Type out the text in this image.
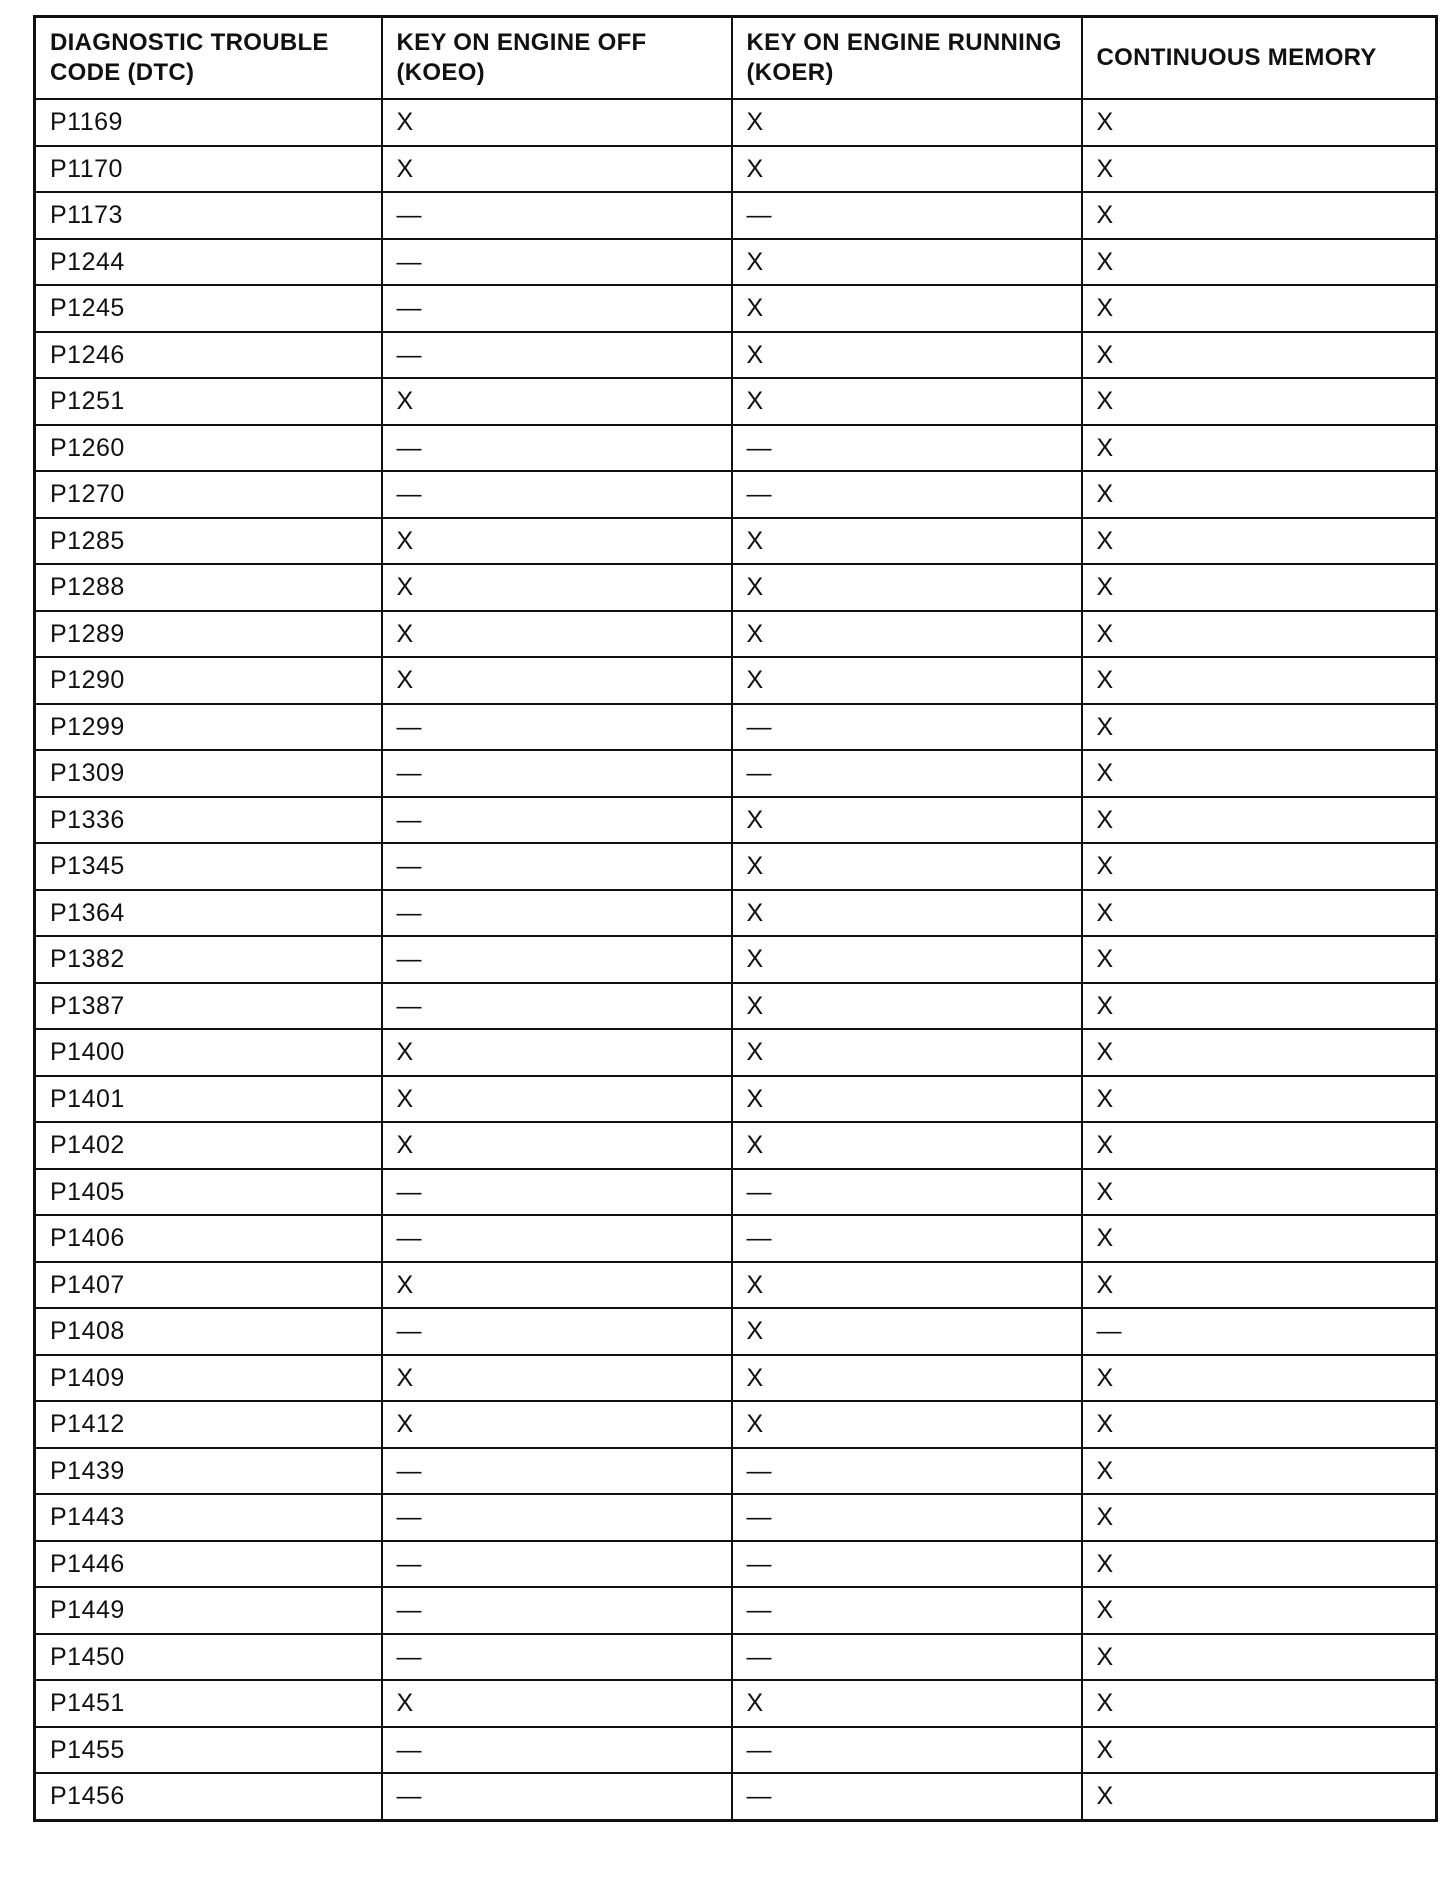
DIAGNOSTIC TROUBLE CODE (DTC)	KEY ON ENGINE OFF (KOEO)	KEY ON ENGINE RUNNING (KOER)	CONTINUOUS MEMORY
P1169	X	X	X
P1170	X	X	X
P1173	—	—	X
P1244	—	X	X
P1245	—	X	X
P1246	—	X	X
P1251	X	X	X
P1260	—	—	X
P1270	—	—	X
P1285	X	X	X
P1288	X	X	X
P1289	X	X	X
P1290	X	X	X
P1299	—	—	X
P1309	—	—	X
P1336	—	X	X
P1345	—	X	X
P1364	—	X	X
P1382	—	X	X
P1387	—	X	X
P1400	X	X	X
P1401	X	X	X
P1402	X	X	X
P1405	—	—	X
P1406	—	—	X
P1407	X	X	X
P1408	—	X	—
P1409	X	X	X
P1412	X	X	X
P1439	—	—	X
P1443	—	—	X
P1446	—	—	X
P1449	—	—	X
P1450	—	—	X
P1451	X	X	X
P1455	—	—	X
P1456	—	—	X
